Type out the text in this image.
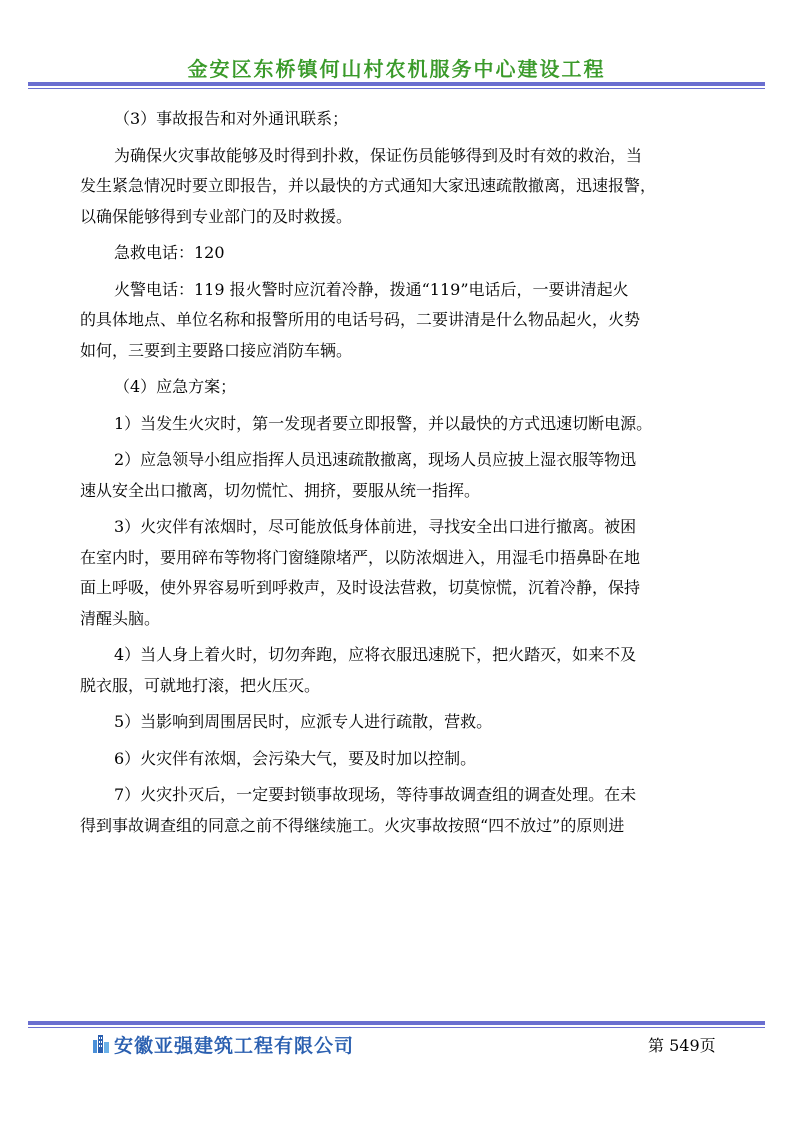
金安区东桥镇何山村农机服务中心建设工程
（3）事故报告和对外通讯联系；
为确保火灾事故能够及时得到扑救，保证伤员能够得到及时有效的救治，当
发生紧急情况时要立即报告，并以最快的方式通知大家迅速疏散撤离，迅速报警，
以确保能够得到专业部门的及时救援。
急救电话：120
火警电话：119 报火警时应沉着冷静，拨通“119”电话后，一要讲清起火
的具体地点、单位名称和报警所用的电话号码，二要讲清是什么物品起火，火势
如何，三要到主要路口接应消防车辆。
（4）应急方案；
1）当发生火灾时，第一发现者要立即报警，并以最快的方式迅速切断电源。
2）应急领导小组应指挥人员迅速疏散撤离，现场人员应披上湿衣服等物迅
速从安全出口撤离，切勿慌忙、拥挤，要服从统一指挥。
3）火灾伴有浓烟时，尽可能放低身体前进，寻找安全出口进行撤离。被困
在室内时，要用碎布等物将门窗缝隙堵严，以防浓烟进入，用湿毛巾捂鼻卧在地
面上呼吸，使外界容易听到呼救声，及时设法营救，切莫惊慌，沉着冷静，保持
清醒头脑。
4）当人身上着火时，切勿奔跑，应将衣服迅速脱下，把火踏灭，如来不及
脱衣服，可就地打滚，把火压灭。
5）当影响到周围居民时，应派专人进行疏散，营救。
6）火灾伴有浓烟，会污染大气，要及时加以控制。
7）火灾扑灭后，一定要封锁事故现场，等待事故调查组的调查处理。在未
得到事故调查组的同意之前不得继续施工。火灾事故按照“四不放过”的原则进
安徽亚强建筑工程有限公司	第 549页
